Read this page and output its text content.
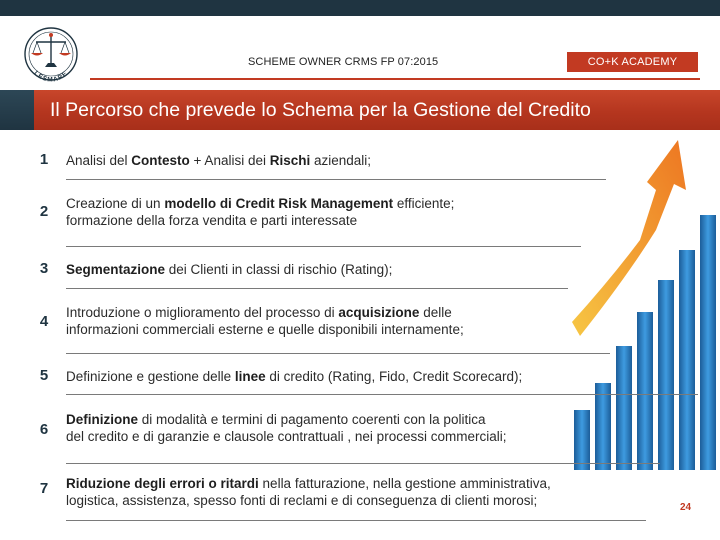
LESMARE
SCHEME OWNER CRMS FP 07:2015	CO+K ACADEMY
Il Percorso che prevede lo Schema per la Gestione del Credito
1	Analisi del Contesto + Analisi dei Rischi aziendali;
2	Creazione di un modello di Credit Risk Management efficiente;
formazione della forza vendita e parti interessate
3	Segmentazione dei Clienti in classi di rischio (Rating);
4
Introduzione o miglioramento del processo di acquisizione delle
informazioni commerciali esterne e quelle disponibili internamente;
5	Definizione e gestione delle linee di credito (Rating, Fido, Credit Scorecard);
6
Definizione di modalità e termini di pagamento coerenti con la politica
del credito e di garanzie e clausole contrattuali , nei processi commerciali;
7	Riduzione degli errori o ritardi nella fatturazione, nella gestione amministrativa,
logistica, assistenza, spesso fonti di reclami e di conseguenza di clienti morosi;	24
